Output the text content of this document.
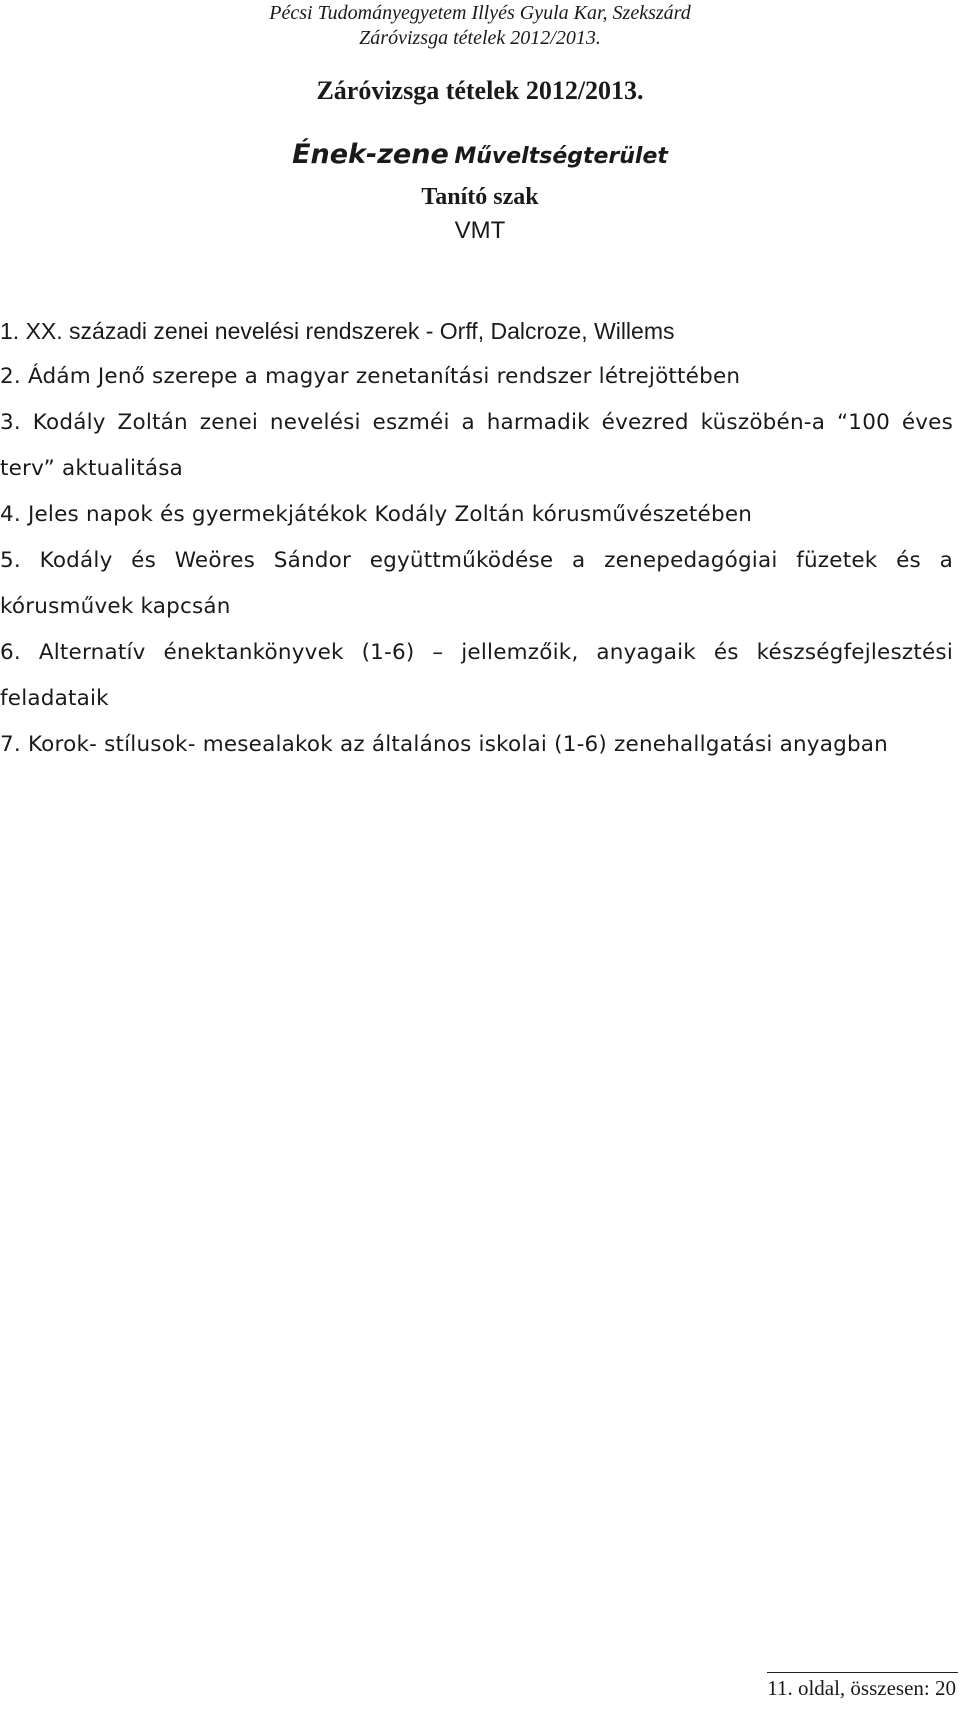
Pécsi Tudományegyetem Illyés Gyula Kar, Szekszárd
Záróvizsga tételek 2012/2013.
Záróvizsga tételek 2012/2013.
Ének-zene Műveltségterület
Tanító szak
VMT
1. XX. századi zenei nevelési rendszerek - Orff, Dalcroze, Willems
2. Ádám Jenő szerepe a magyar zenetanítási rendszer létrejöttében
3. Kodály Zoltán zenei nevelési eszméi a harmadik évezred küszöbén-a “100 éves terv” aktualitása
4. Jeles napok és gyermekjátékok Kodály Zoltán kórusművészetében
5. Kodály és Weöres Sándor együttműködése a zenepedagógiai füzetek és a kórusművek kapcsán
6. Alternatív énektankönyvek (1-6) – jellemzőik, anyagaik és készségfejlesztési feladataik
7. Korok- stílusok- mesealakok az általános iskolai (1-6) zenehallgatási anyagban
11. oldal, összesen: 20
